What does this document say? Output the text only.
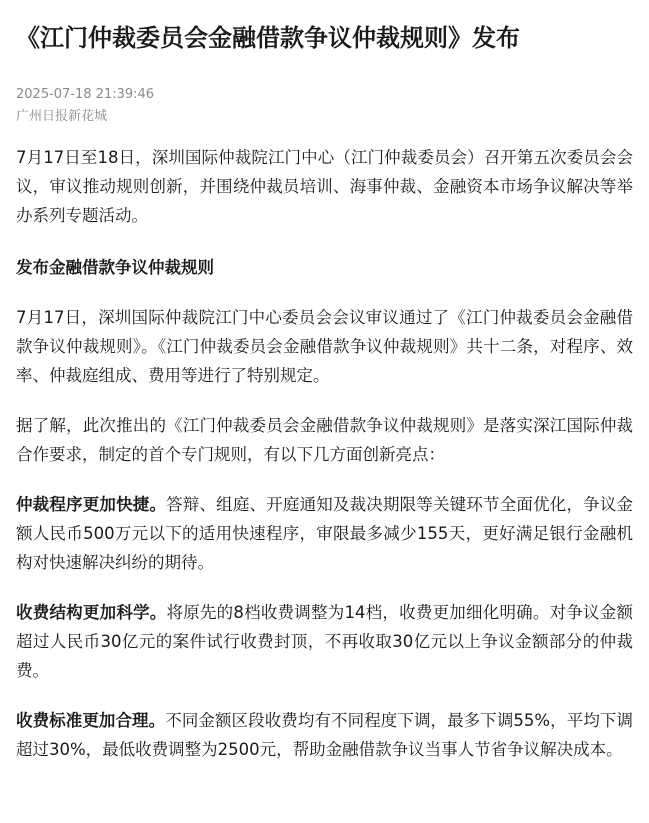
《江门仲裁委员会金融借款争议仲裁规则》发布
2025-07-18 21:39:46
广州日报新花城

7月17日至18日，深圳国际仲裁院江门中心（江门仲裁委员会）召开第五次委员会会议，审议推动规则创新，并围绕仲裁员培训、海事仲裁、金融资本市场争议解决等举办系列专题活动。

发布金融借款争议仲裁规则

7月17日，深圳国际仲裁院江门中心委员会会议审议通过了《江门仲裁委员会金融借款争议仲裁规则》。《江门仲裁委员会金融借款争议仲裁规则》共十二条，对程序、效率、仲裁庭组成、费用等进行了特别规定。

据了解，此次推出的《江门仲裁委员会金融借款争议仲裁规则》是落实深江国际仲裁合作要求，制定的首个专门规则，有以下几方面创新亮点：

仲裁程序更加快捷。答辩、组庭、开庭通知及裁决期限等关键环节全面优化，争议金额人民币500万元以下的适用快速程序，审限最多减少155天，更好满足银行金融机构对快速解决纠纷的期待。

收费结构更加科学。将原先的8档收费调整为14档，收费更加细化明确。对争议金额超过人民币30亿元的案件试行收费封顶，不再收取30亿元以上争议金额部分的仲裁费。

收费标准更加合理。不同金额区段收费均有不同程度下调，最多下调55%，平均下调超过30%，最低收费调整为2500元，帮助金融借款争议当事人节省争议解决成本。
